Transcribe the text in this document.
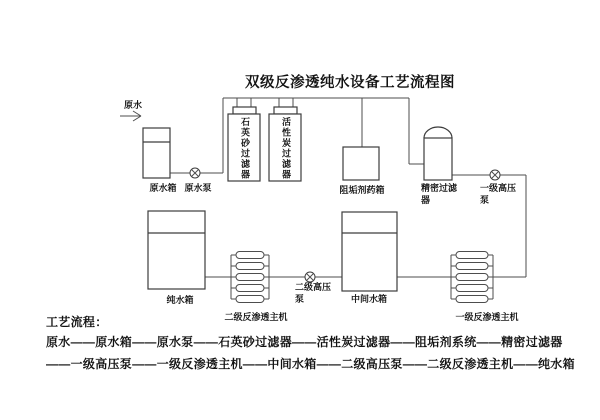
双级反渗透纯水设备工艺流程图
原水
石英砂过滤器	活性炭过滤器
原水箱 原水泵	阻垢剂药箱	精密过滤器
一级高压泵
二级高压泵
纯水箱	中间水箱
二级反渗透主机	一级反渗透主机
工艺流程：
原水——原水箱——原水泵——石英砂过滤器——活性炭过滤器——阻垢剂系统——精密过滤器
——一级高压泵——一级反渗透主机——中间水箱——二级高压泵——二级反渗透主机——纯水箱
